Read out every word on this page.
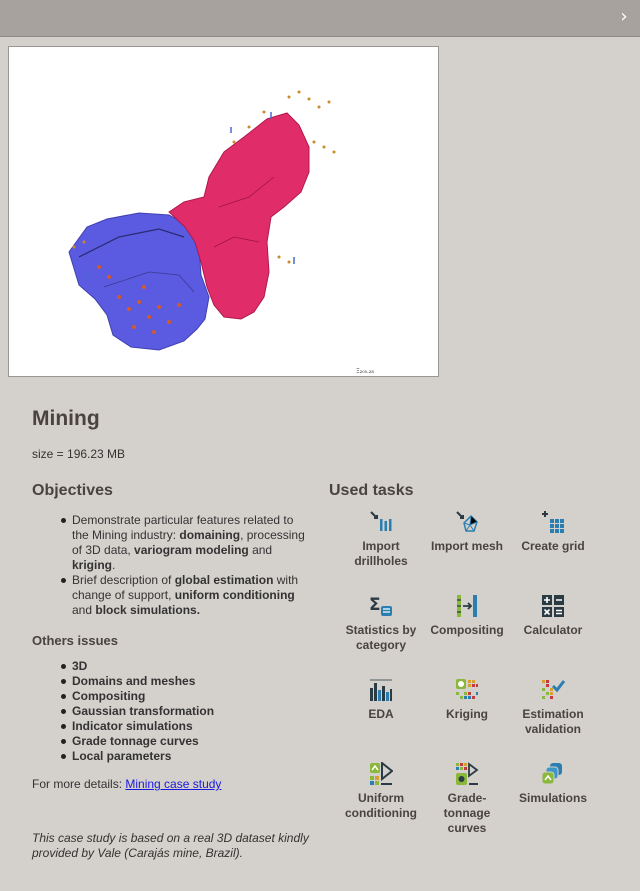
›
Ξ₂₀₀.₂₈
Mining
size = 196.23 MB
Objectives
Demonstrate particular features related to the Mining industry: domaining, processing of 3D data, variogram modeling and kriging.
Brief description of global estimation with change of support, uniform conditioning and block simulations.
Others issues
3D
Domains and meshes
Compositing
Gaussian transformation
Indicator simulations
Grade tonnage curves
Local parameters
For more details: Mining case study
This case study is based on a real 3D dataset kindly provided by Vale (Carajás mine, Brazil).
Used tasks
Import drillholes
Import mesh	Create grid
Σ
Statistics by category
Compositing	Calculator
EDA	Kriging	Estimation validation
Uniform conditioning
Grade-tonnage curves
Simulations
